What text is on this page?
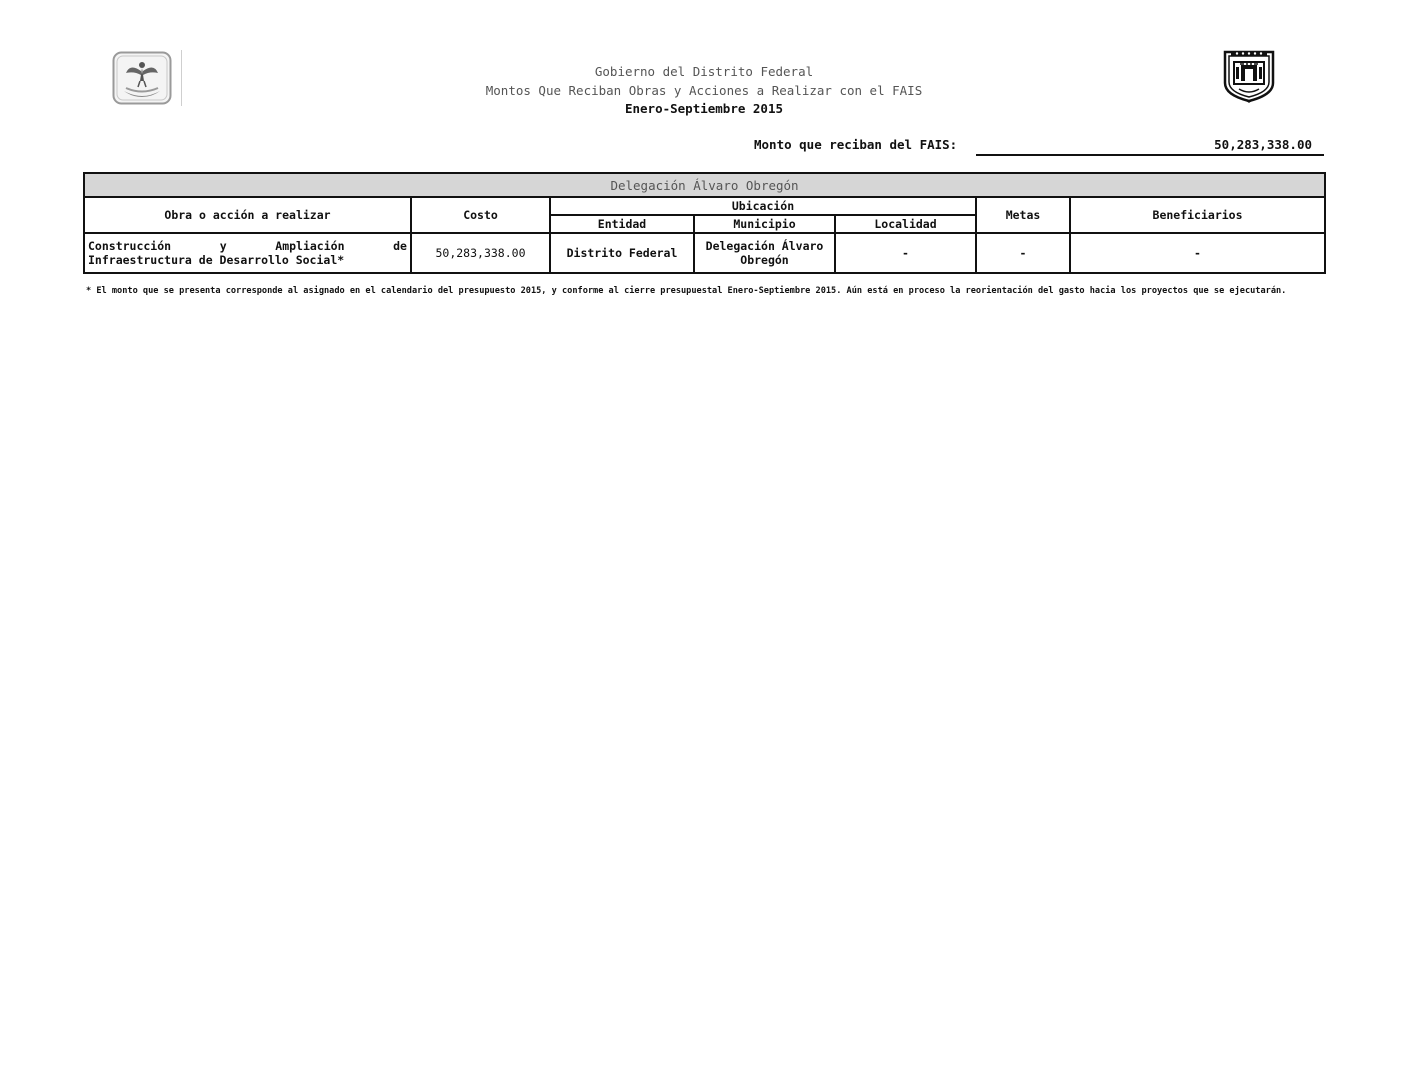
Gobierno del Distrito Federal
Montos Que Reciban Obras y Acciones a Realizar con el FAIS
Enero-Septiembre 2015
Monto que reciban del FAIS:	50,283,338.00
Delegación Álvaro Obregón						
Obra o acción a realizar	Costo	Ubicación			Metas	Beneficiarios
		Entidad	Municipio	Localidad		
Construcción y Ampliación de
Infraestructura de Desarrollo Social*	50,283,338.00	Distrito Federal	Delegación Álvaro Obregón	-	-	-
* El monto que se presenta corresponde al asignado en el calendario del presupuesto 2015, y conforme al cierre presupuestal Enero-Septiembre 2015. Aún está en proceso la reorientación del gasto hacia los proyectos que se ejecutarán.
